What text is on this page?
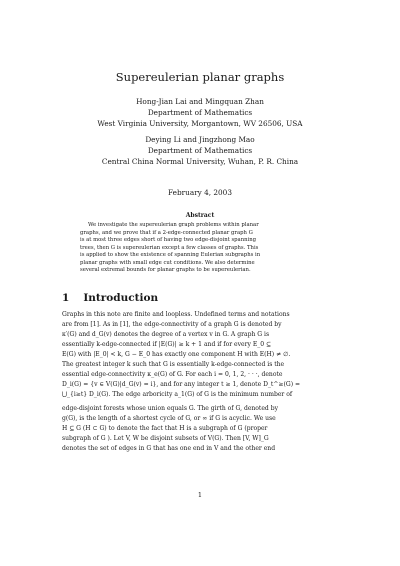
Supereulerian planar graphs
Hong-Jian Lai and Mingquan Zhan
Department of Mathematics
West Virginia University, Morgantown, WV 26506, USA
Deying Li and Jingzhong Mao
Department of Mathematics
Central China Normal University, Wuhan, P. R. China
February 4, 2003
Abstract
We investigate the supereulerian graph problems within planar
graphs, and we prove that if a 2-edge-connected planar graph G
is at most three edges short of having two edge-disjoint spanning
trees, then G is supereulerian except a few classes of graphs. This
is applied to show the existence of spanning Eulerian subgraphs in
planar graphs with small edge cut conditions. We also determine
several extremal bounds for planar graphs to be supereulerian.
1 Introduction
Graphs in this note are finite and loopless. Undefined terms and notations
are from [1]. As in [1], the edge-connectivity of a graph G is denoted by
κ′(G) and d_G(v) denotes the degree of a vertex v in G. A graph G is
essentially k-edge-connected if |E(G)| ≥ k + 1 and if for every E_0 ⊆
E(G) with |E_0| < k, G − E_0 has exactly one component H with E(H) ≠ ∅.
The greatest integer k such that G is essentially k-edge-connected is the
essential edge-connectivity κ_e(G) of G. For each i = 0, 1, 2, · · ·, denote
D_i(G) = {v ∈ V(G)|d_G(v) = i}, and for any integer t ≥ 1, denote D_t^≥(G) =
⋃_{i≥t} D_i(G). The edge arboricity a_1(G) of G is the minimum number of
edge-disjoint forests whose union equals G. The girth of G, denoted by
g(G), is the length of a shortest cycle of G, or ∞ if G is acyclic. We use
H ⊆ G (H ⊂ G) to denote the fact that H is a subgraph of G (proper
subgraph of G ). Let V, W be disjoint subsets of V(G). Then [V, W]_G
denotes the set of edges in G that has one end in V and the other end
1
